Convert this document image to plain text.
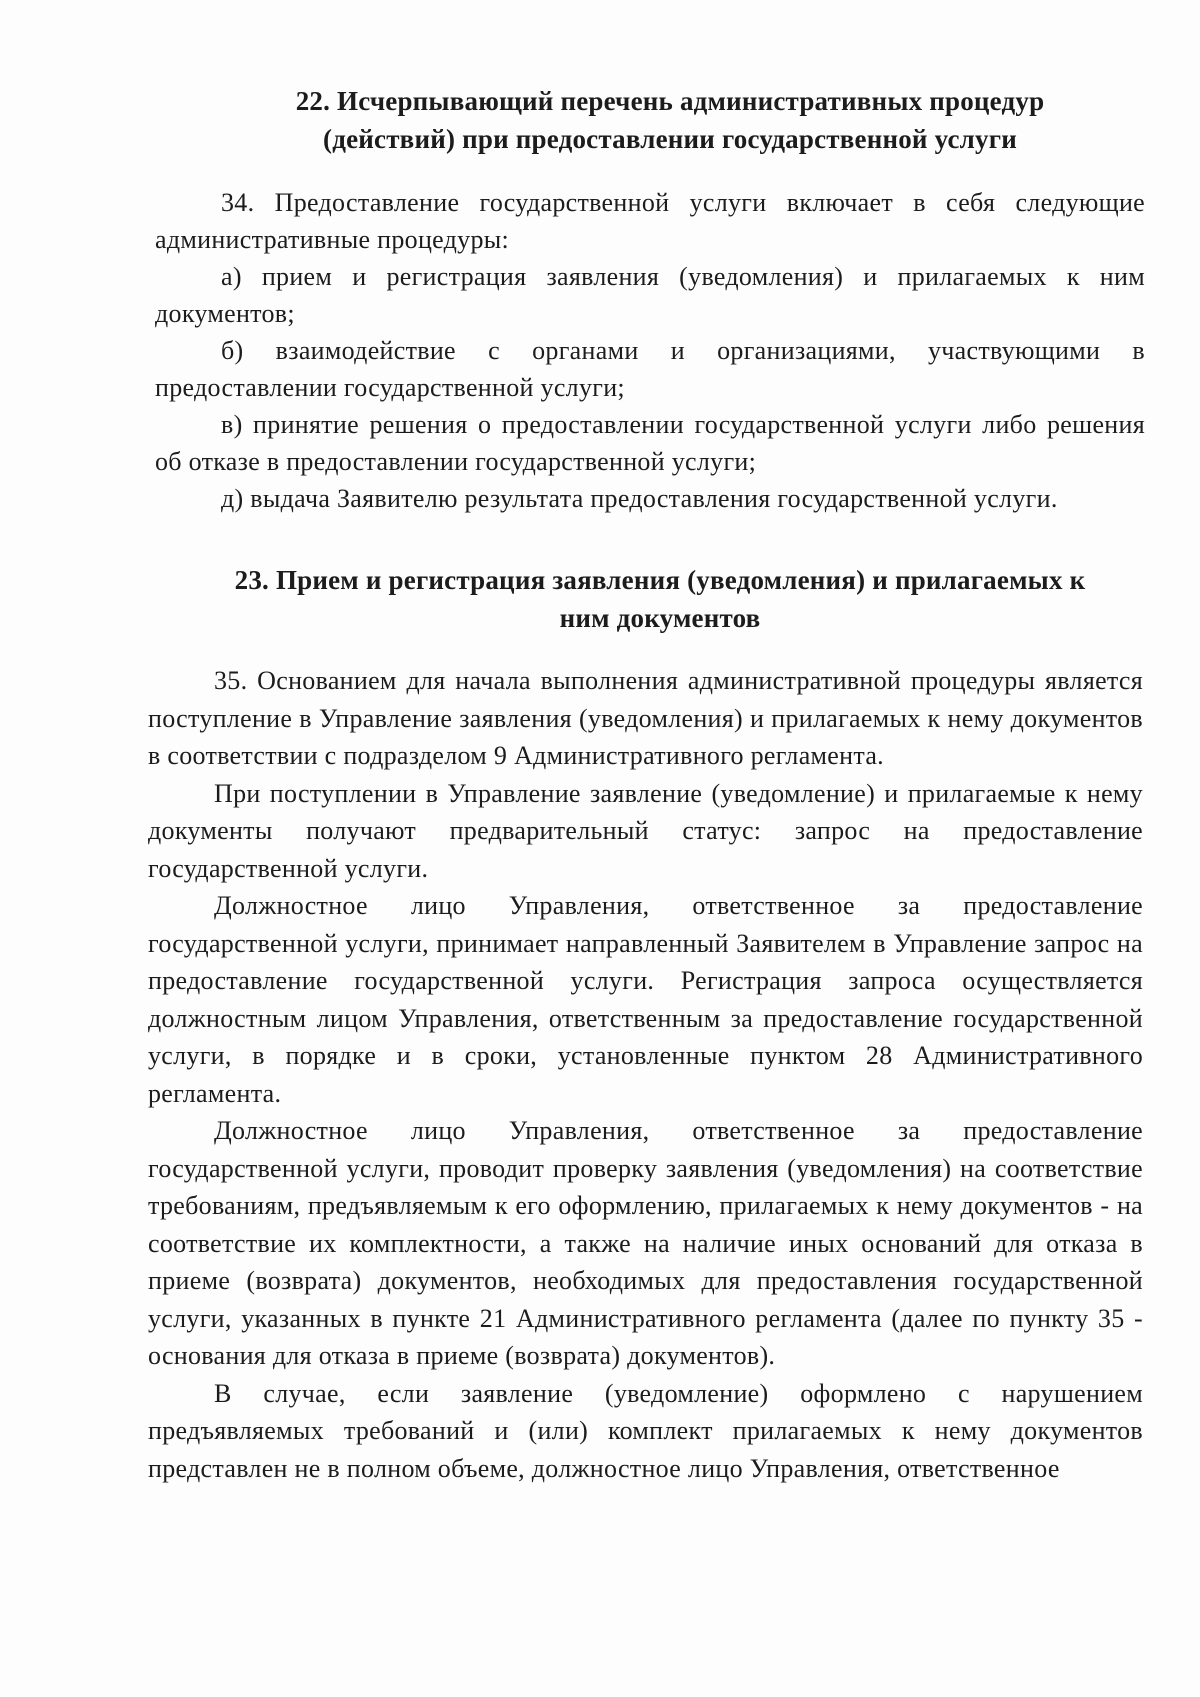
22. Исчерпывающий перечень административных процедур
(действий) при предоставлении государственной услуги

34. Предоставление государственной услуги включает в себя следующие административные процедуры:

а) прием и регистрация заявления (уведомления) и прилагаемых к ним документов;

б) взаимодействие с органами и организациями, участвующими в предоставлении государственной услуги;

в) принятие решения о предоставлении государственной услуги либо решения об отказе в предоставлении государственной услуги;

д) выдача Заявителю результата предоставления государственной услуги.

23. Прием и регистрация заявления (уведомления) и прилагаемых к
ним документов

35. Основанием для начала выполнения административной процедуры является поступление в Управление заявления (уведомления) и прилагаемых к нему документов в соответствии с подразделом 9 Административного регламента.

При поступлении в Управление заявление (уведомление) и прилагаемые к нему документы получают предварительный статус: запрос на предоставление государственной услуги.

Должностное лицо Управления, ответственное за предоставление государственной услуги, принимает направленный Заявителем в Управление запрос на предоставление государственной услуги. Регистрация запроса осуществляется должностным лицом Управления, ответственным за предоставление государственной услуги, в порядке и в сроки, установленные пунктом 28 Административного регламента.

Должностное лицо Управления, ответственное за предоставление государственной услуги, проводит проверку заявления (уведомления) на соответствие требованиям, предъявляемым к его оформлению, прилагаемых к нему документов - на соответствие их комплектности, а также на наличие иных оснований для отказа в приеме (возврата) документов, необходимых для предоставления государственной услуги, указанных в пункте 21 Административного регламента (далее по пункту 35 - основания для отказа в приеме (возврата) документов).

В случае, если заявление (уведомление) оформлено с нарушением предъявляемых требований и (или) комплект прилагаемых к нему документов представлен не в полном объеме, должностное лицо Управления, ответственное
